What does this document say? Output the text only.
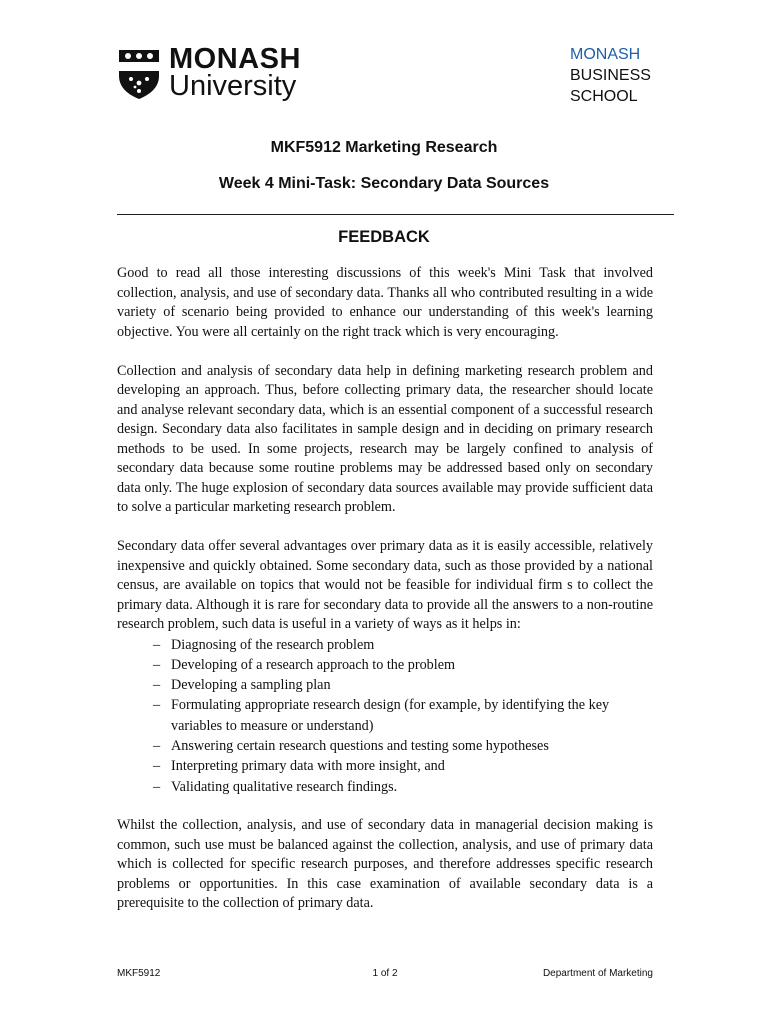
MONASH
University
MONASH
BUSINESS
SCHOOL
MKF5912 Marketing Research
Week 4 Mini-Task: Secondary Data Sources
FEEDBACK

Good to read all those interesting discussions of this week's Mini Task that involved collection, analysis, and use of secondary data. Thanks all who contributed resulting in a wide variety of scenario being provided to enhance our understanding of this week's learning objective. You were all certainly on the right track which is very encouraging.

Collection and analysis of secondary data help in defining marketing research problem and developing an approach. Thus, before collecting primary data, the researcher should locate and analyse relevant secondary data, which is an essential component of a successful research design. Secondary data also facilitates in sample design and in deciding on primary research methods to be used. In some projects, research may be largely confined to analysis of secondary data because some routine problems may be addressed based only on secondary data only. The huge explosion of secondary data sources available may provide sufficient data to solve a particular marketing research problem.

Secondary data offer several advantages over primary data as it is easily accessible, relatively inexpensive and quickly obtained. Some secondary data, such as those provided by a national census, are available on topics that would not be feasible for individual firm s to collect the primary data. Although it is rare for secondary data to provide all the answers to a non-routine research problem, such data is useful in a variety of ways as it helps in:

– Diagnosing of the research problem
– Developing of a research approach to the problem
– Developing a sampling plan
– Formulating appropriate research design (for example, by identifying the key variables to measure or understand)
– Answering certain research questions and testing some hypotheses
– Interpreting primary data with more insight, and
– Validating qualitative research findings.

Whilst the collection, analysis, and use of secondary data in managerial decision making is common, such use must be balanced against the collection, analysis, and use of primary data which is collected for specific research purposes, and therefore addresses specific research problems or opportunities. In this case examination of available secondary data is a prerequisite to the collection of primary data.

MKF5912	1 of 2	Department of Marketing
